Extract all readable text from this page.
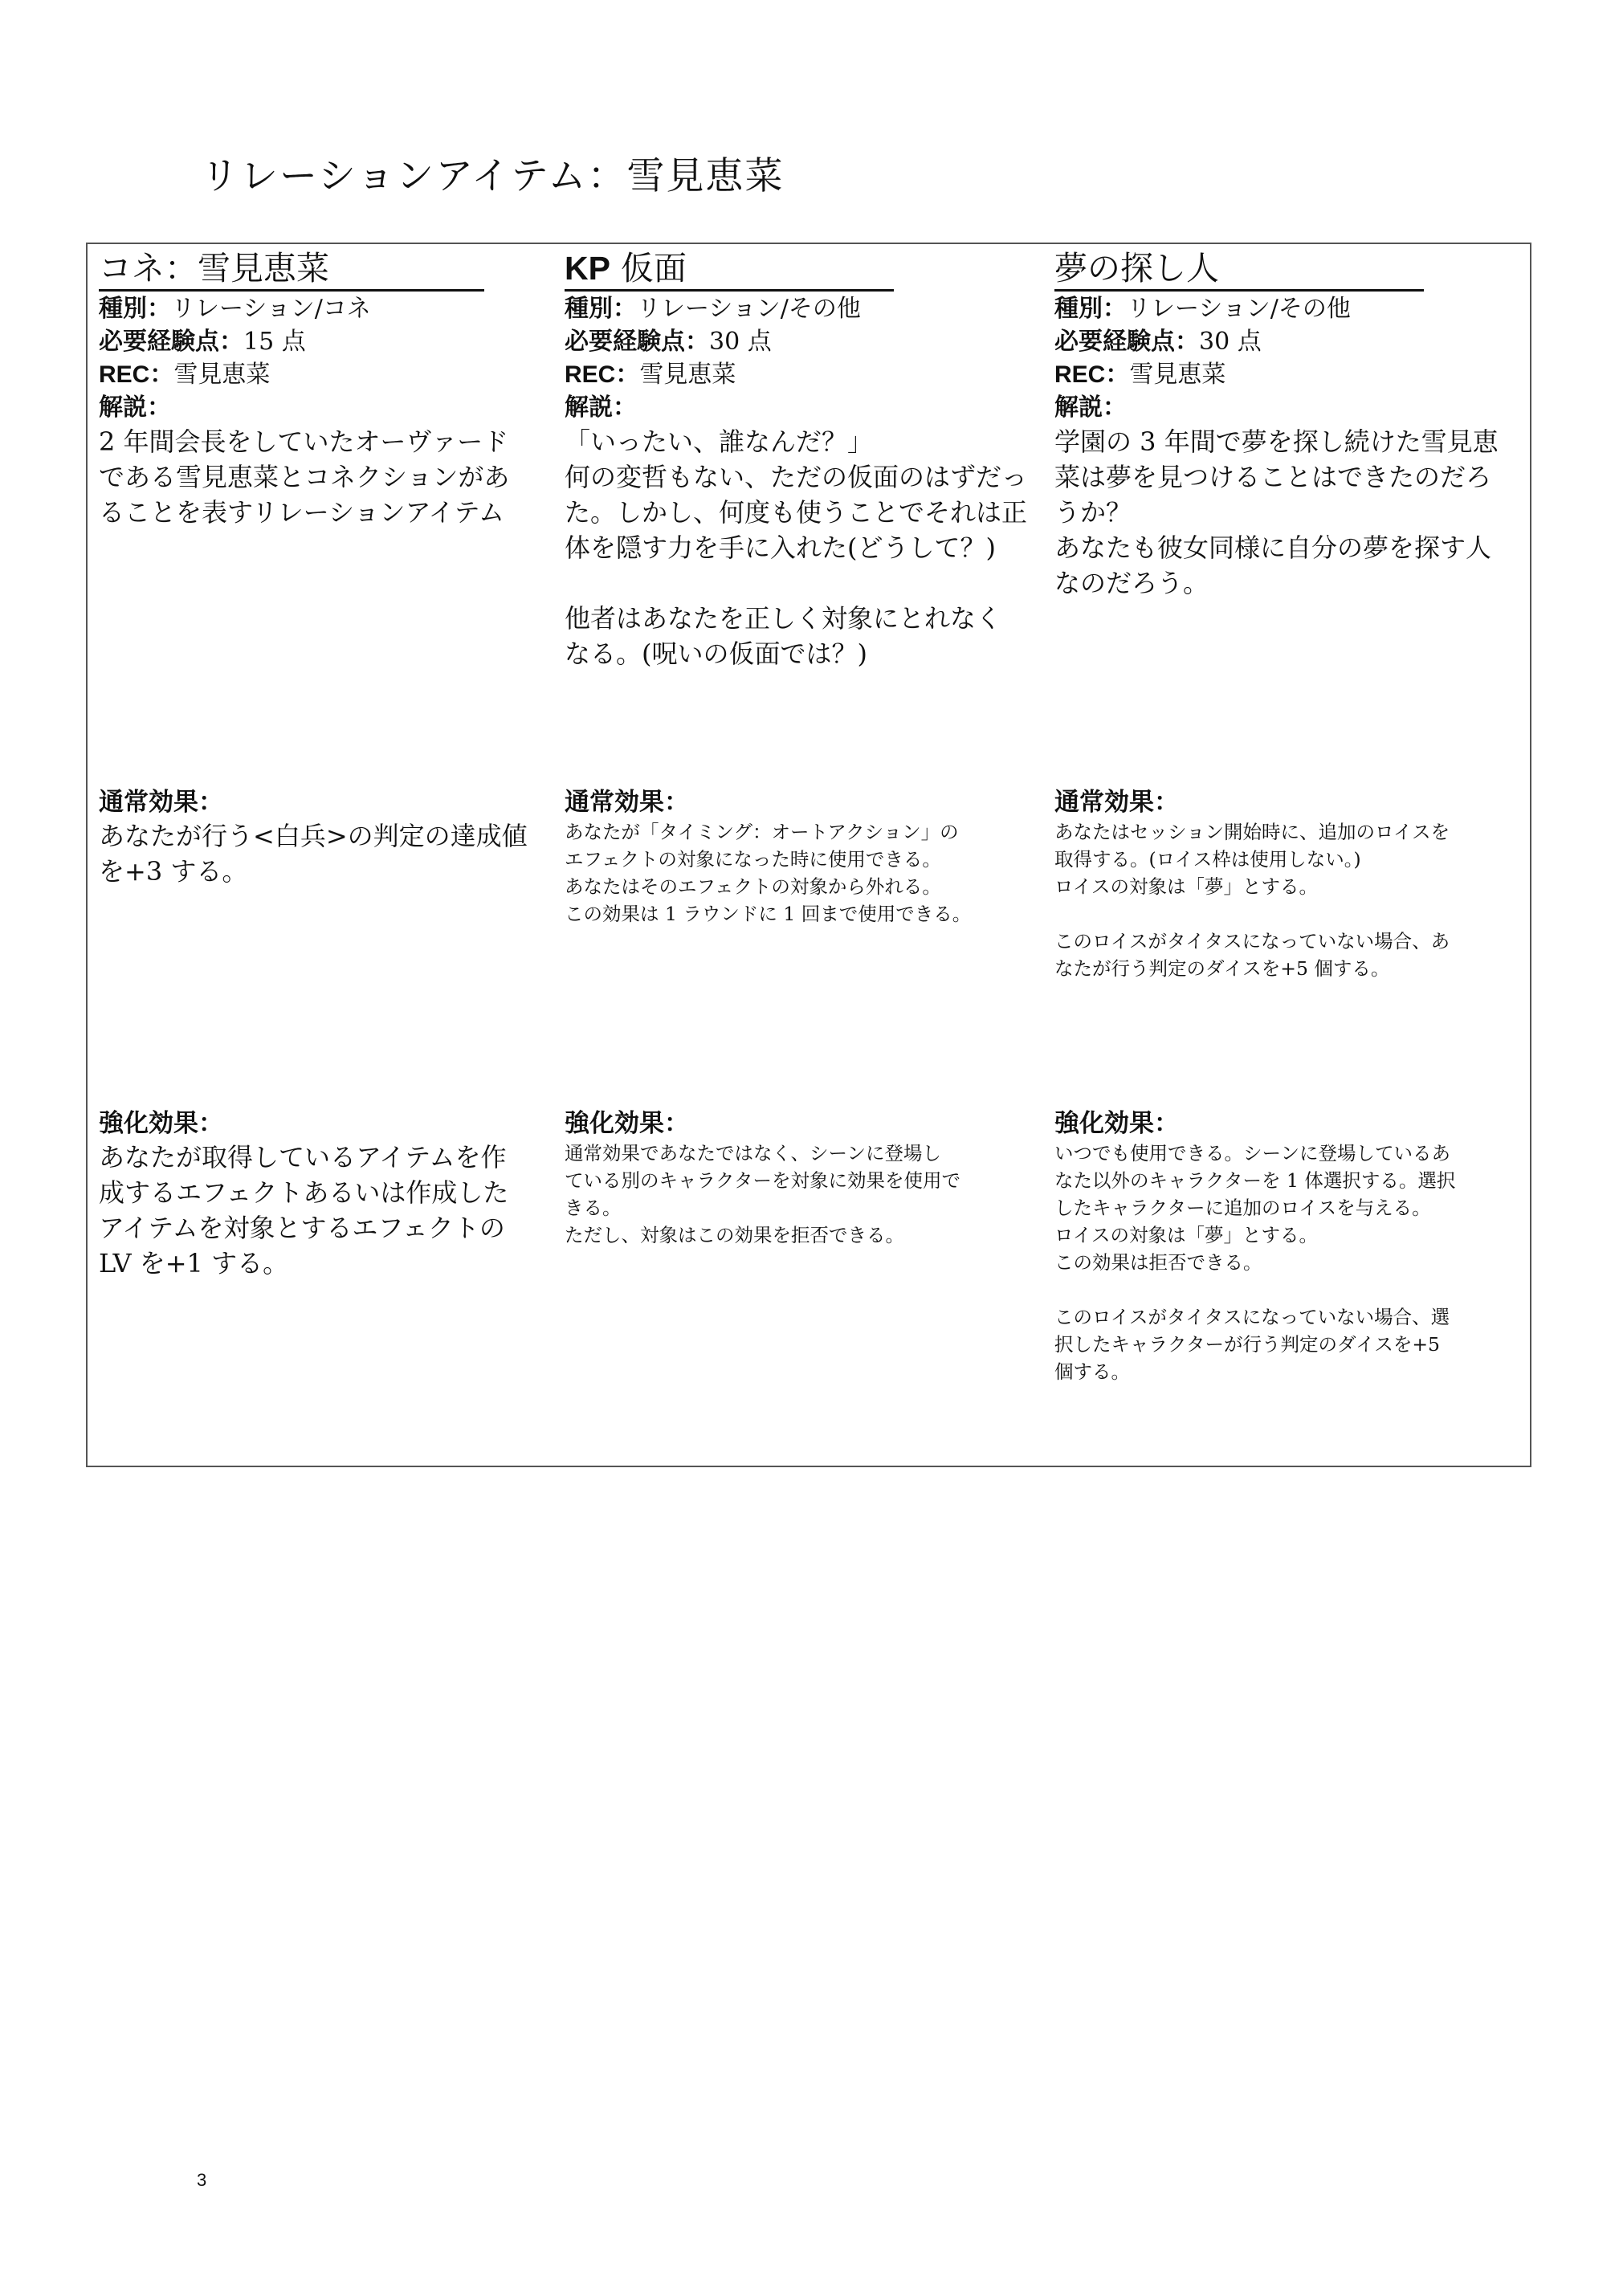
リレーションアイテム：雪見恵菜
コネ：雪見恵菜
種別：リレーション/コネ
必要経験点：15 点
REC：雪見恵菜
解説：
2 年間会長をしていたオーヴァード
である雪見恵菜とコネクションがあ
ることを表すリレーションアイテム
通常効果：
あなたが行う<白兵>の判定の達成値
を+3 する。
強化効果：
あなたが取得しているアイテムを作
成するエフェクトあるいは作成した
アイテムを対象とするエフェクトの
LV を+1 する。
KP 仮面
種別：リレーション/その他
必要経験点：30 点
REC：雪見恵菜
解説：
「いったい、誰なんだ？」
何の変哲もない、ただの仮面のはずだっ
た。しかし、何度も使うことでそれは正
体を隠す力を手に入れた(どうして？)

他者はあなたを正しく対象にとれなく
なる。(呪いの仮面では？)
通常効果：
あなたが「タイミング：オートアクション」の
エフェクトの対象になった時に使用できる。
あなたはそのエフェクトの対象から外れる。
この効果は 1 ラウンドに 1 回まで使用できる。
強化効果：
通常効果であなたではなく、シーンに登場し
ている別のキャラクターを対象に効果を使用で
きる。
ただし、対象はこの効果を拒否できる。
夢の探し人
種別：リレーション/その他
必要経験点：30 点
REC：雪見恵菜
解説：
学園の 3 年間で夢を探し続けた雪見恵
菜は夢を見つけることはできたのだろ
うか？
あなたも彼女同様に自分の夢を探す人
なのだろう。
通常効果：
あなたはセッション開始時に、追加のロイスを
取得する。(ロイス枠は使用しない。)
ロイスの対象は「夢」とする。

このロイスがタイタスになっていない場合、あ
なたが行う判定のダイスを+5 個する。
強化効果：
いつでも使用できる。シーンに登場しているあ
なた以外のキャラクターを 1 体選択する。選択
したキャラクターに追加のロイスを与える。
ロイスの対象は「夢」とする。
この効果は拒否できる。

このロイスがタイタスになっていない場合、選
択したキャラクターが行う判定のダイスを+5
個する。
3
